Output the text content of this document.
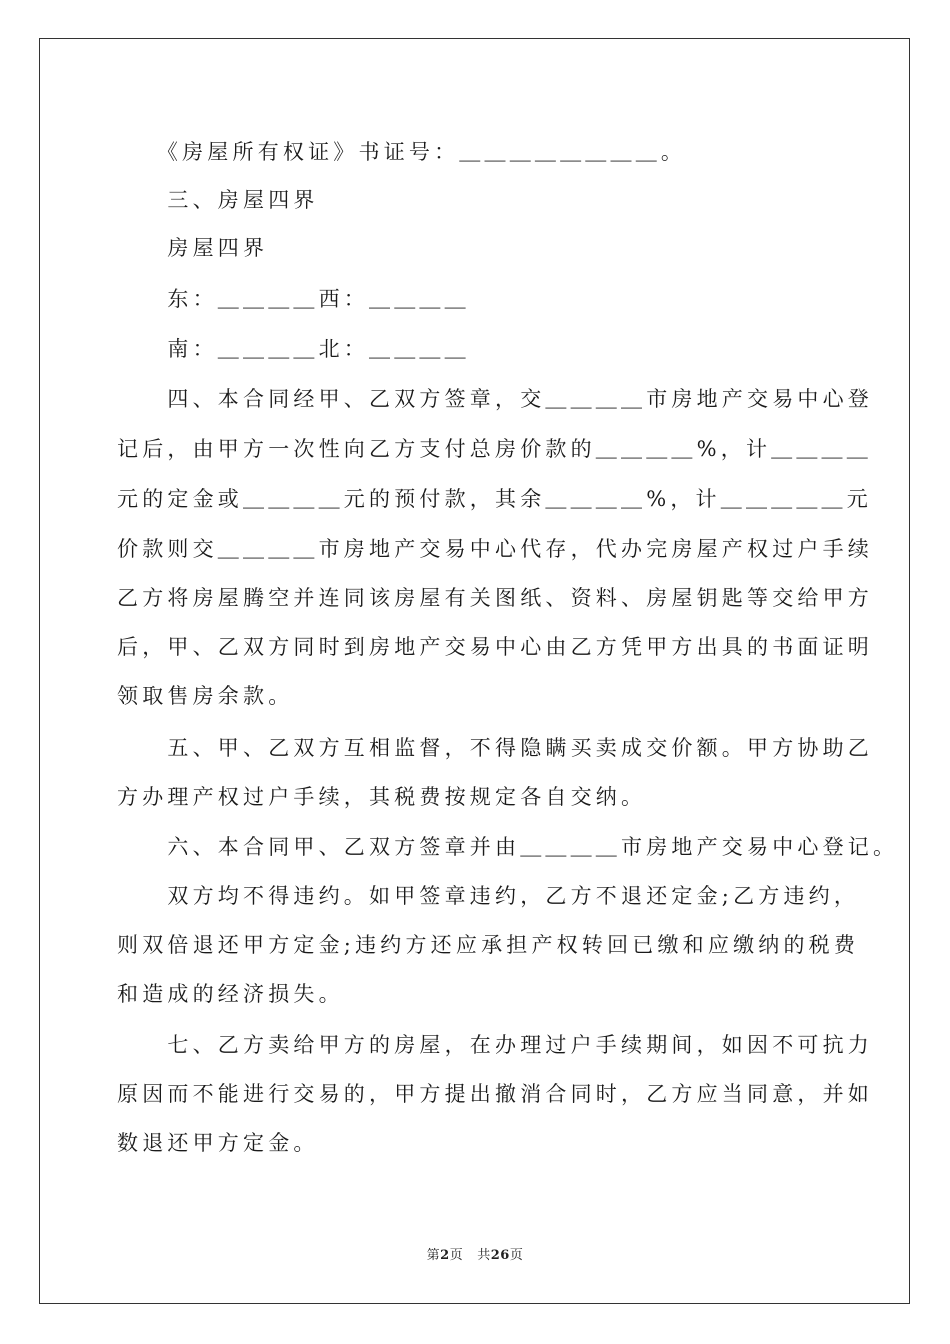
　　《房屋所有权证》书证号：＿＿＿＿＿＿＿＿。
　　三、房屋四界
　　房屋四界
　　东：＿＿＿＿西：＿＿＿＿
　　南：＿＿＿＿北：＿＿＿＿
　　四、本合同经甲、乙双方签章，交＿＿＿＿市房地产交易中心登
记后，由甲方一次性向乙方支付总房价款的＿＿＿＿%，计＿＿＿＿
元的定金或＿＿＿＿元的预付款，其余＿＿＿＿%，计＿＿＿＿＿元
价款则交＿＿＿＿市房地产交易中心代存，代办完房屋产权过户手续
乙方将房屋腾空并连同该房屋有关图纸、资料、房屋钥匙等交给甲方
后，甲、乙双方同时到房地产交易中心由乙方凭甲方出具的书面证明
领取售房余款。
　　五、甲、乙双方互相监督，不得隐瞒买卖成交价额。甲方协助乙
方办理产权过户手续，其税费按规定各自交纳。
　　六、本合同甲、乙双方签章并由＿＿＿＿市房地产交易中心登记。
　　双方均不得违约。如甲签章违约，乙方不退还定金;乙方违约，
则双倍退还甲方定金;违约方还应承担产权转回已缴和应缴纳的税费
和造成的经济损失。
　　七、乙方卖给甲方的房屋，在办理过户手续期间，如因不可抗力
原因而不能进行交易的，甲方提出撤消合同时，乙方应当同意，并如
数退还甲方定金。
第2页 共26页
